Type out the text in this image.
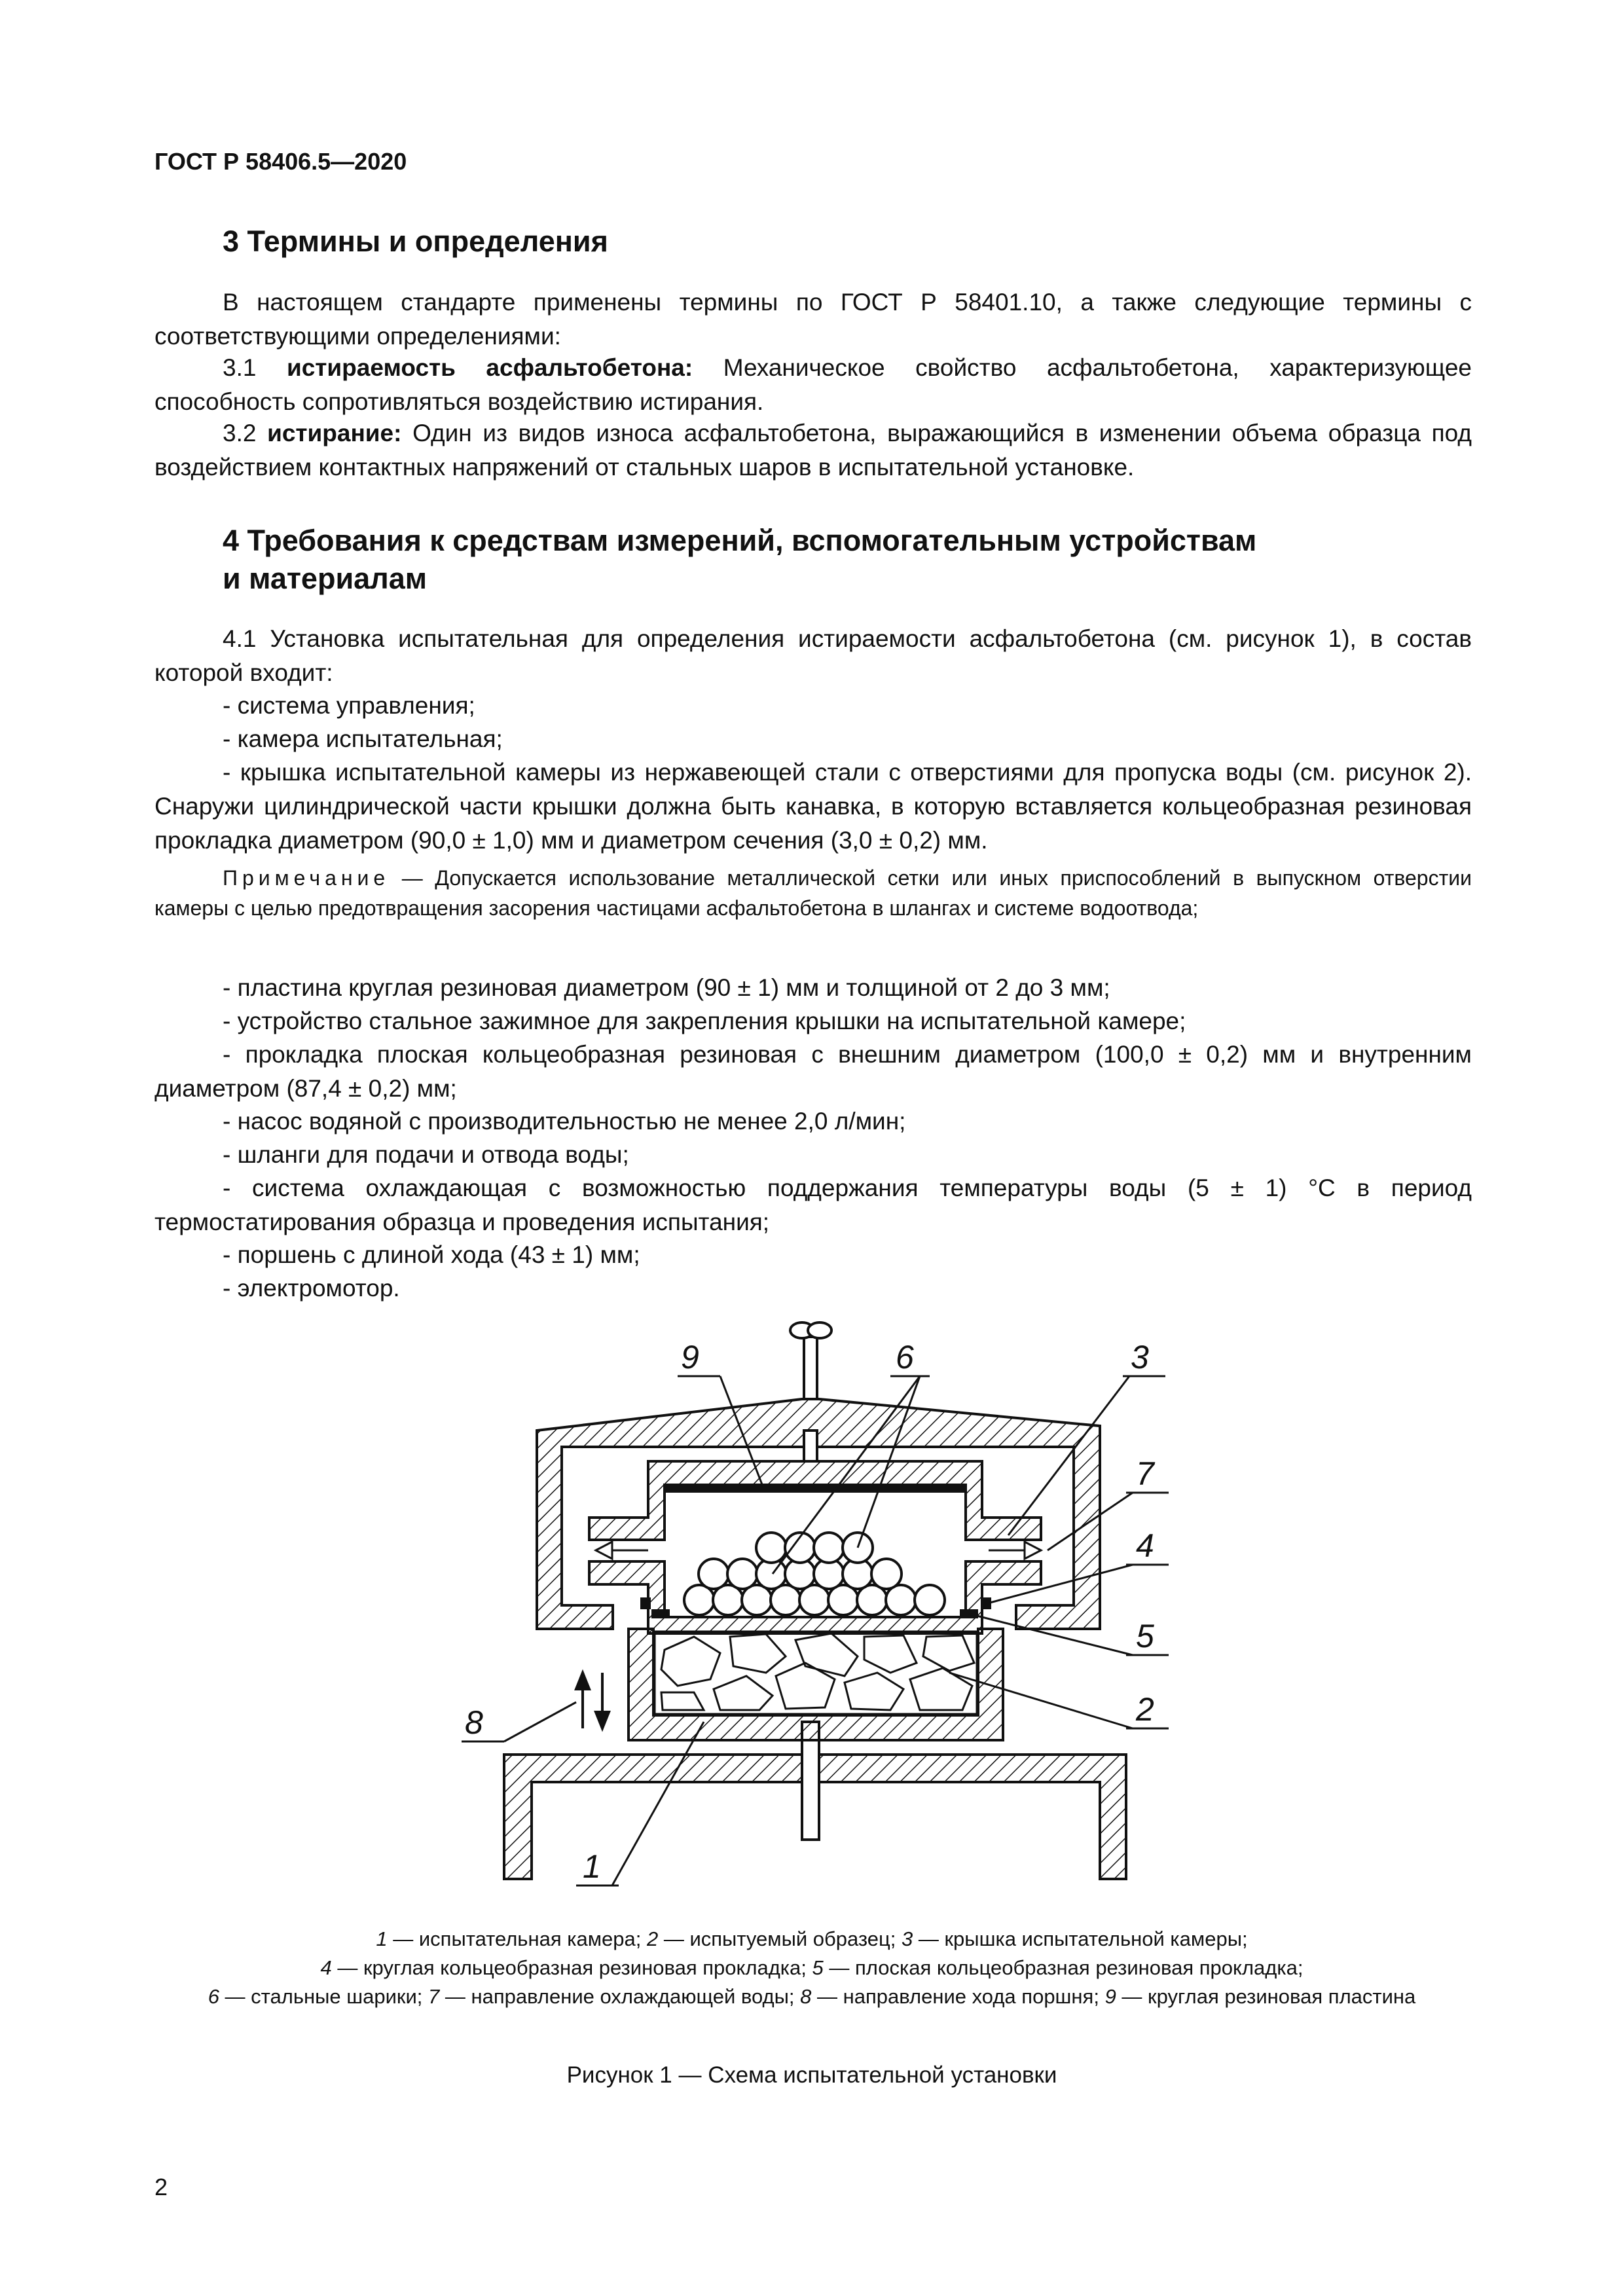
ГОСТ Р 58406.5—2020
3 Термины и определения
В настоящем стандарте применены термины по ГОСТ Р 58401.10, а также следующие термины с соответствующими определениями:
3.1 истираемость асфальтобетона: Механическое свойство асфальтобетона, характеризующее способность сопротивляться воздействию истирания.
3.2 истирание: Один из видов износа асфальтобетона, выражающийся в изменении объема образца под воздействием контактных напряжений от стальных шаров в испытательной установке.
4 Требования к средствам измерений, вспомогательным устройствам
и материалам
4.1 Установка испытательная для определения истираемости асфальтобетона (см. рисунок 1), в состав которой входит:
- система управления;
- камера испытательная;
- крышка испытательной камеры из нержавеющей стали с отверстиями для пропуска воды (см. рисунок 2). Снаружи цилиндрической части крышки должна быть канавка, в которую вставляется кольцеобразная резиновая прокладка диаметром (90,0 ± 1,0) мм и диаметром сечения (3,0 ± 0,2) мм.
Примечание — Допускается использование металлической сетки или иных приспособлений в выпускном отверстии камеры с целью предотвращения засорения частицами асфальтобетона в шлангах и системе водоотвода;
- пластина круглая резиновая диаметром (90 ± 1) мм и толщиной от 2 до 3 мм;
- устройство стальное зажимное для закрепления крышки на испытательной камере;
- прокладка плоская кольцеобразная резиновая с внешним диаметром (100,0 ± 0,2) мм и внутренним диаметром (87,4 ± 0,2) мм;
- насос водяной с производительностью не менее 2,0 л/мин;
- шланги для подачи и отвода воды;
- система охлаждающая с возможностью поддержания температуры воды (5 ± 1) °С в период термостатирования образца и проведения испытания;
- поршень с длиной хода (43 ± 1) мм;
- электромотор.
9	6	3
7
4
5
2
8
1
1 — испытательная камера; 2 — испытуемый образец; 3 — крышка испытательной камеры;
4 — круглая кольцеобразная резиновая прокладка; 5 — плоская кольцеобразная резиновая прокладка;
6 — стальные шарики; 7 — направление охлаждающей воды; 8 — направление хода поршня; 9 — круглая резиновая пластина
Рисунок 1 — Схема испытательной установки
2
